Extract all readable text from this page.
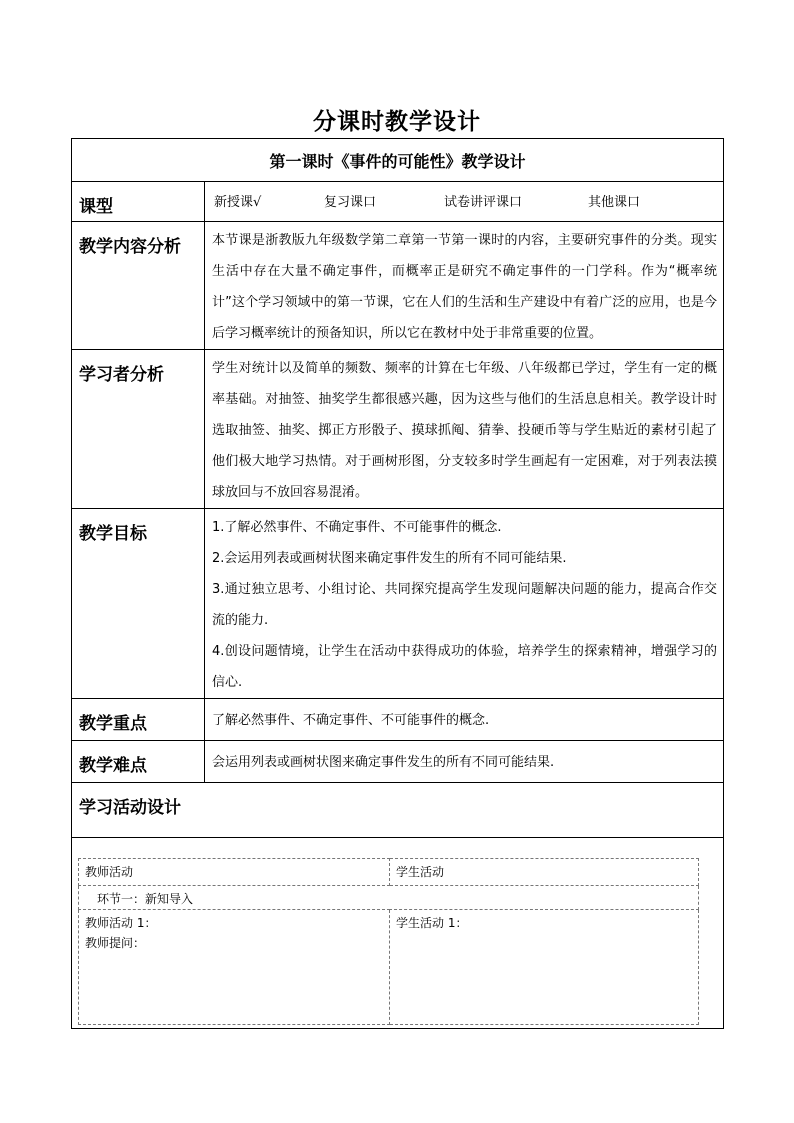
分课时教学设计
第一课时《事件的可能性》教学设计
课型	新授课√	复习课口	试卷讲评课口	其他课口
教学内容分析	本节课是浙教版九年级数学第二章第一节第一课时的内容，主要研究事件的分类。现实生活中存在大量不确定事件，而概率正是研究不确定事件的一门学科。作为“概率统计”这个学习领域中的第一节课，它在人们的生活和生产建设中有着广泛的应用，也是今后学习概率统计的预备知识，所以它在教材中处于非常重要的位置。
学习者分析	学生对统计以及简单的频数、频率的计算在七年级、八年级都已学过，学生有一定的概率基础。对抽签、抽奖学生都很感兴趣，因为这些与他们的生活息息相关。教学设计时选取抽签、抽奖、掷正方形骰子、摸球抓阄、猜拳、投硬币等与学生贴近的素材引起了他们极大地学习热情。对于画树形图，分支较多时学生画起有一定困难，对于列表法摸球放回与不放回容易混淆。
教学目标	1.了解必然事件、不确定事件、不可能事件的概念.
2.会运用列表或画树状图来确定事件发生的所有不同可能结果.
3.通过独立思考、小组讨论、共同探究提高学生发现问题解决问题的能力，提高合作交流的能力.
4.创设问题情境，让学生在活动中获得成功的体验，培养学生的探索精神，增强学习的信心.

教学重点	了解必然事件、不确定事件、不可能事件的概念.
教学难点	会运用列表或画树状图来确定事件发生的所有不同可能结果.
学习活动设计

教师活动	学生活动
环节一：新知导入

教师活动 1：
教师提问：

学生活动 1：
